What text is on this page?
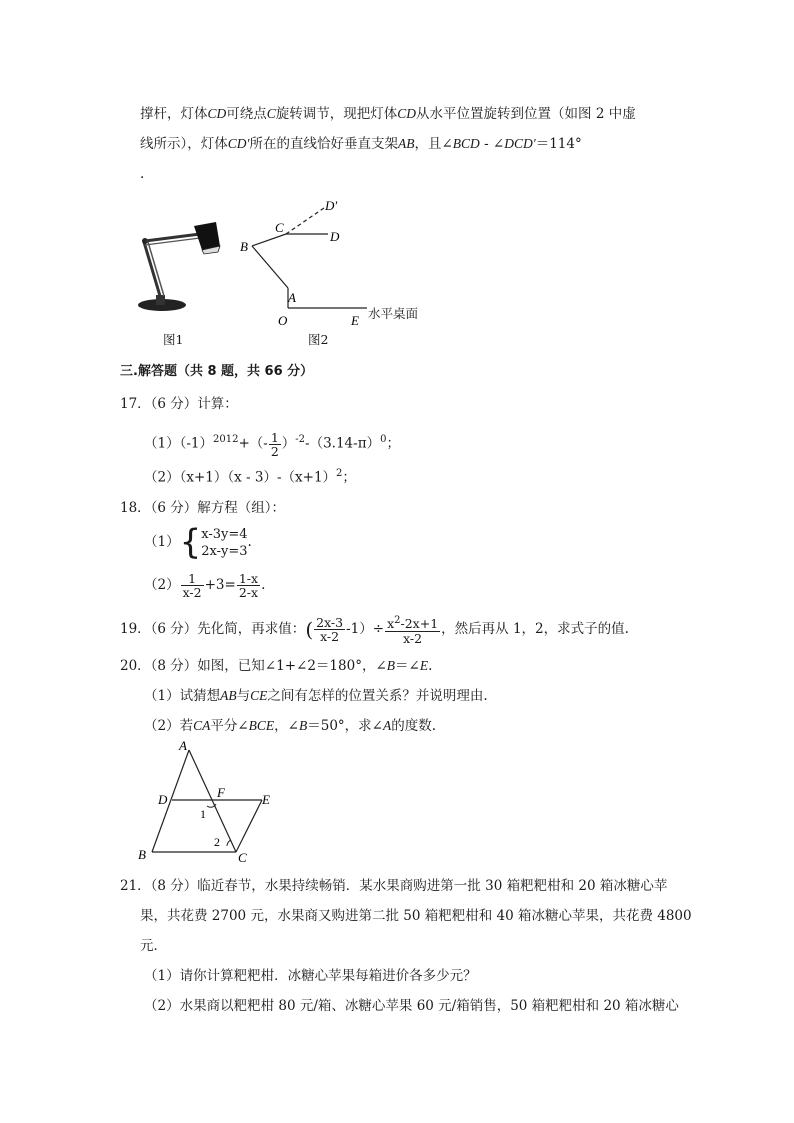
撑杆，灯体CD可绕点C旋转调节，现把灯体CD从水平位置旋转到位置（如图 2 中虚
线所示），灯体CD′所在的直线恰好垂直支架AB，且∠BCD - ∠DCD′＝114°
.
图1
B
C
D
D′
A
O	E 水平桌面
图2
三.解答题（共 8 题，共 66 分）
17．（6 分）计算：
$(1)(-1)^{2012}+(- \frac{1}{2} )^{-2}-(3.14-\pi)^0$；
$(2)(x+1)(x - 3)-(x+1)^2$；
18．（6 分）解方程（组）：
（1）{ x-3y=4
2x-y=3
.
$(2) \frac{1}{x-2} +3= \frac{1-x}{2-x}$ .
19．（6 分）先化简，再求值：( $\frac{2x-3}{x-2} -1)\div \frac{x^2-2x+1}{x-2}$ ，然后再从 1，2，求式子的值.
20．（8 分）如图，已知∠1+∠2＝180°，∠B＝∠E.
（1）试猜想AB与CE之间有怎样的位置关系？并说明理由.
（2）若CA平分∠BCE，∠B＝50°，求∠A的度数.
A
D	F	E
1
2
B	C
21．（8 分）临近春节，水果持续畅销．某水果商购进第一批 30 箱粑粑柑和 20 箱冰糖心苹
果，共花费 2700 元，水果商又购进第二批 50 箱粑粑柑和 40 箱冰糖心苹果，共花费 4800
元．
（1）请你计算粑粑柑．冰糖心苹果每箱进价各多少元？
（2）水果商以粑粑柑 80 元/箱、冰糖心苹果 60 元/箱销售，50 箱粑粑柑和 20 箱冰糖心
